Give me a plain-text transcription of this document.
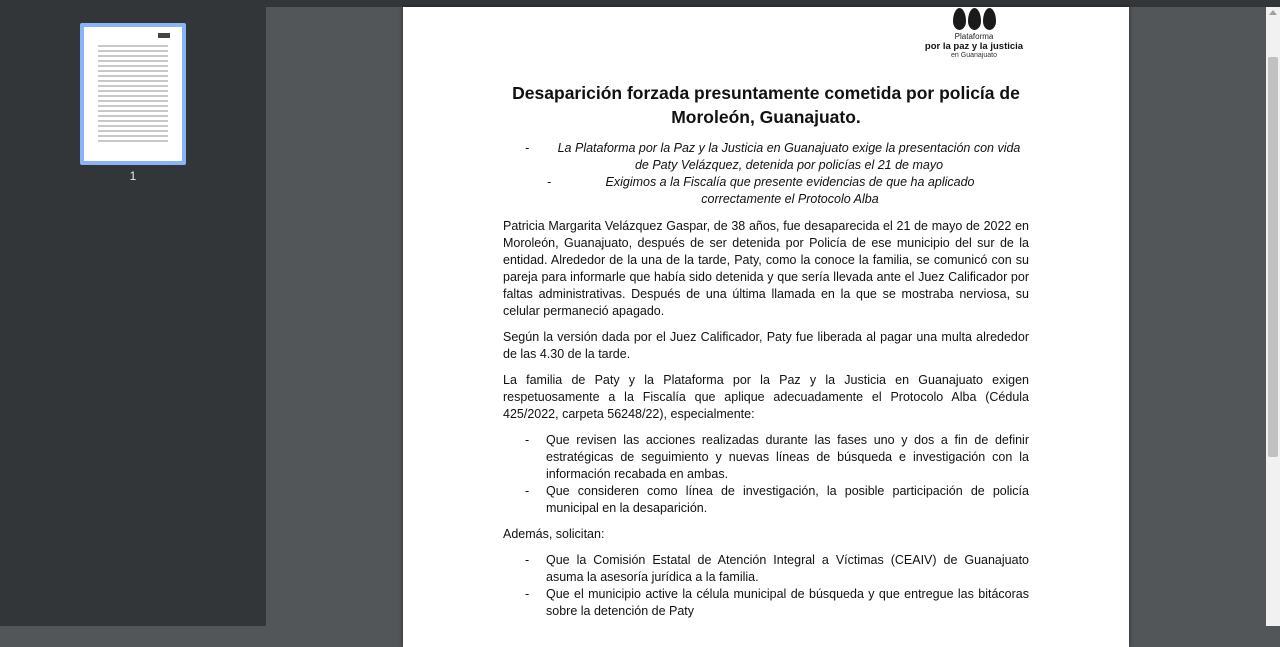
1
Plataforma
por la paz y la justicia
en Guanajuato
Desaparición forzada presuntamente cometida por policía de Moroleón, Guanajuato.
-	La Plataforma por la Paz y la Justicia en Guanajuato exige la presentación con vida de Paty Velázquez, detenida por policías el 21 de mayo
-	Exigimos a la Fiscalía que presente evidencias de que ha aplicado correctamente el Protocolo Alba

Patricia Margarita Velázquez Gaspar, de 38 años, fue desaparecida el 21 de mayo de 2022 en Moroleón, Guanajuato, después de ser detenida por Policía de ese municipio del sur de la entidad. Alrededor de la una de la tarde, Paty, como la conoce la familia, se comunicó con su pareja para informarle que había sido detenida y que sería llevada ante el Juez Calificador por faltas administrativas. Después de una última llamada en la que se mostraba nerviosa, su celular permaneció apagado.

Según la versión dada por el Juez Calificador, Paty fue liberada al pagar una multa alrededor de las 4.30 de la tarde.

La familia de Paty y la Plataforma por la Paz y la Justicia en Guanajuato exigen respetuosamente a la Fiscalía que aplique adecuadamente el Protocolo Alba (Cédula 425/2022, carpeta 56248/22), especialmente:

-	Que revisen las acciones realizadas durante las fases uno y dos a fin de definir estratégicas de seguimiento y nuevas líneas de búsqueda e investigación con la información recabada en ambas.
-	Que consideren como línea de investigación, la posible participación de policía municipal en la desaparición.

Además, solicitan:

-	Que la Comisión Estatal de Atención Integral a Víctimas (CEAIV) de Guanajuato asuma la asesoría jurídica a la familia.
-	Que el municipio active la célula municipal de búsqueda y que entregue las bitácoras sobre la detención de Paty
